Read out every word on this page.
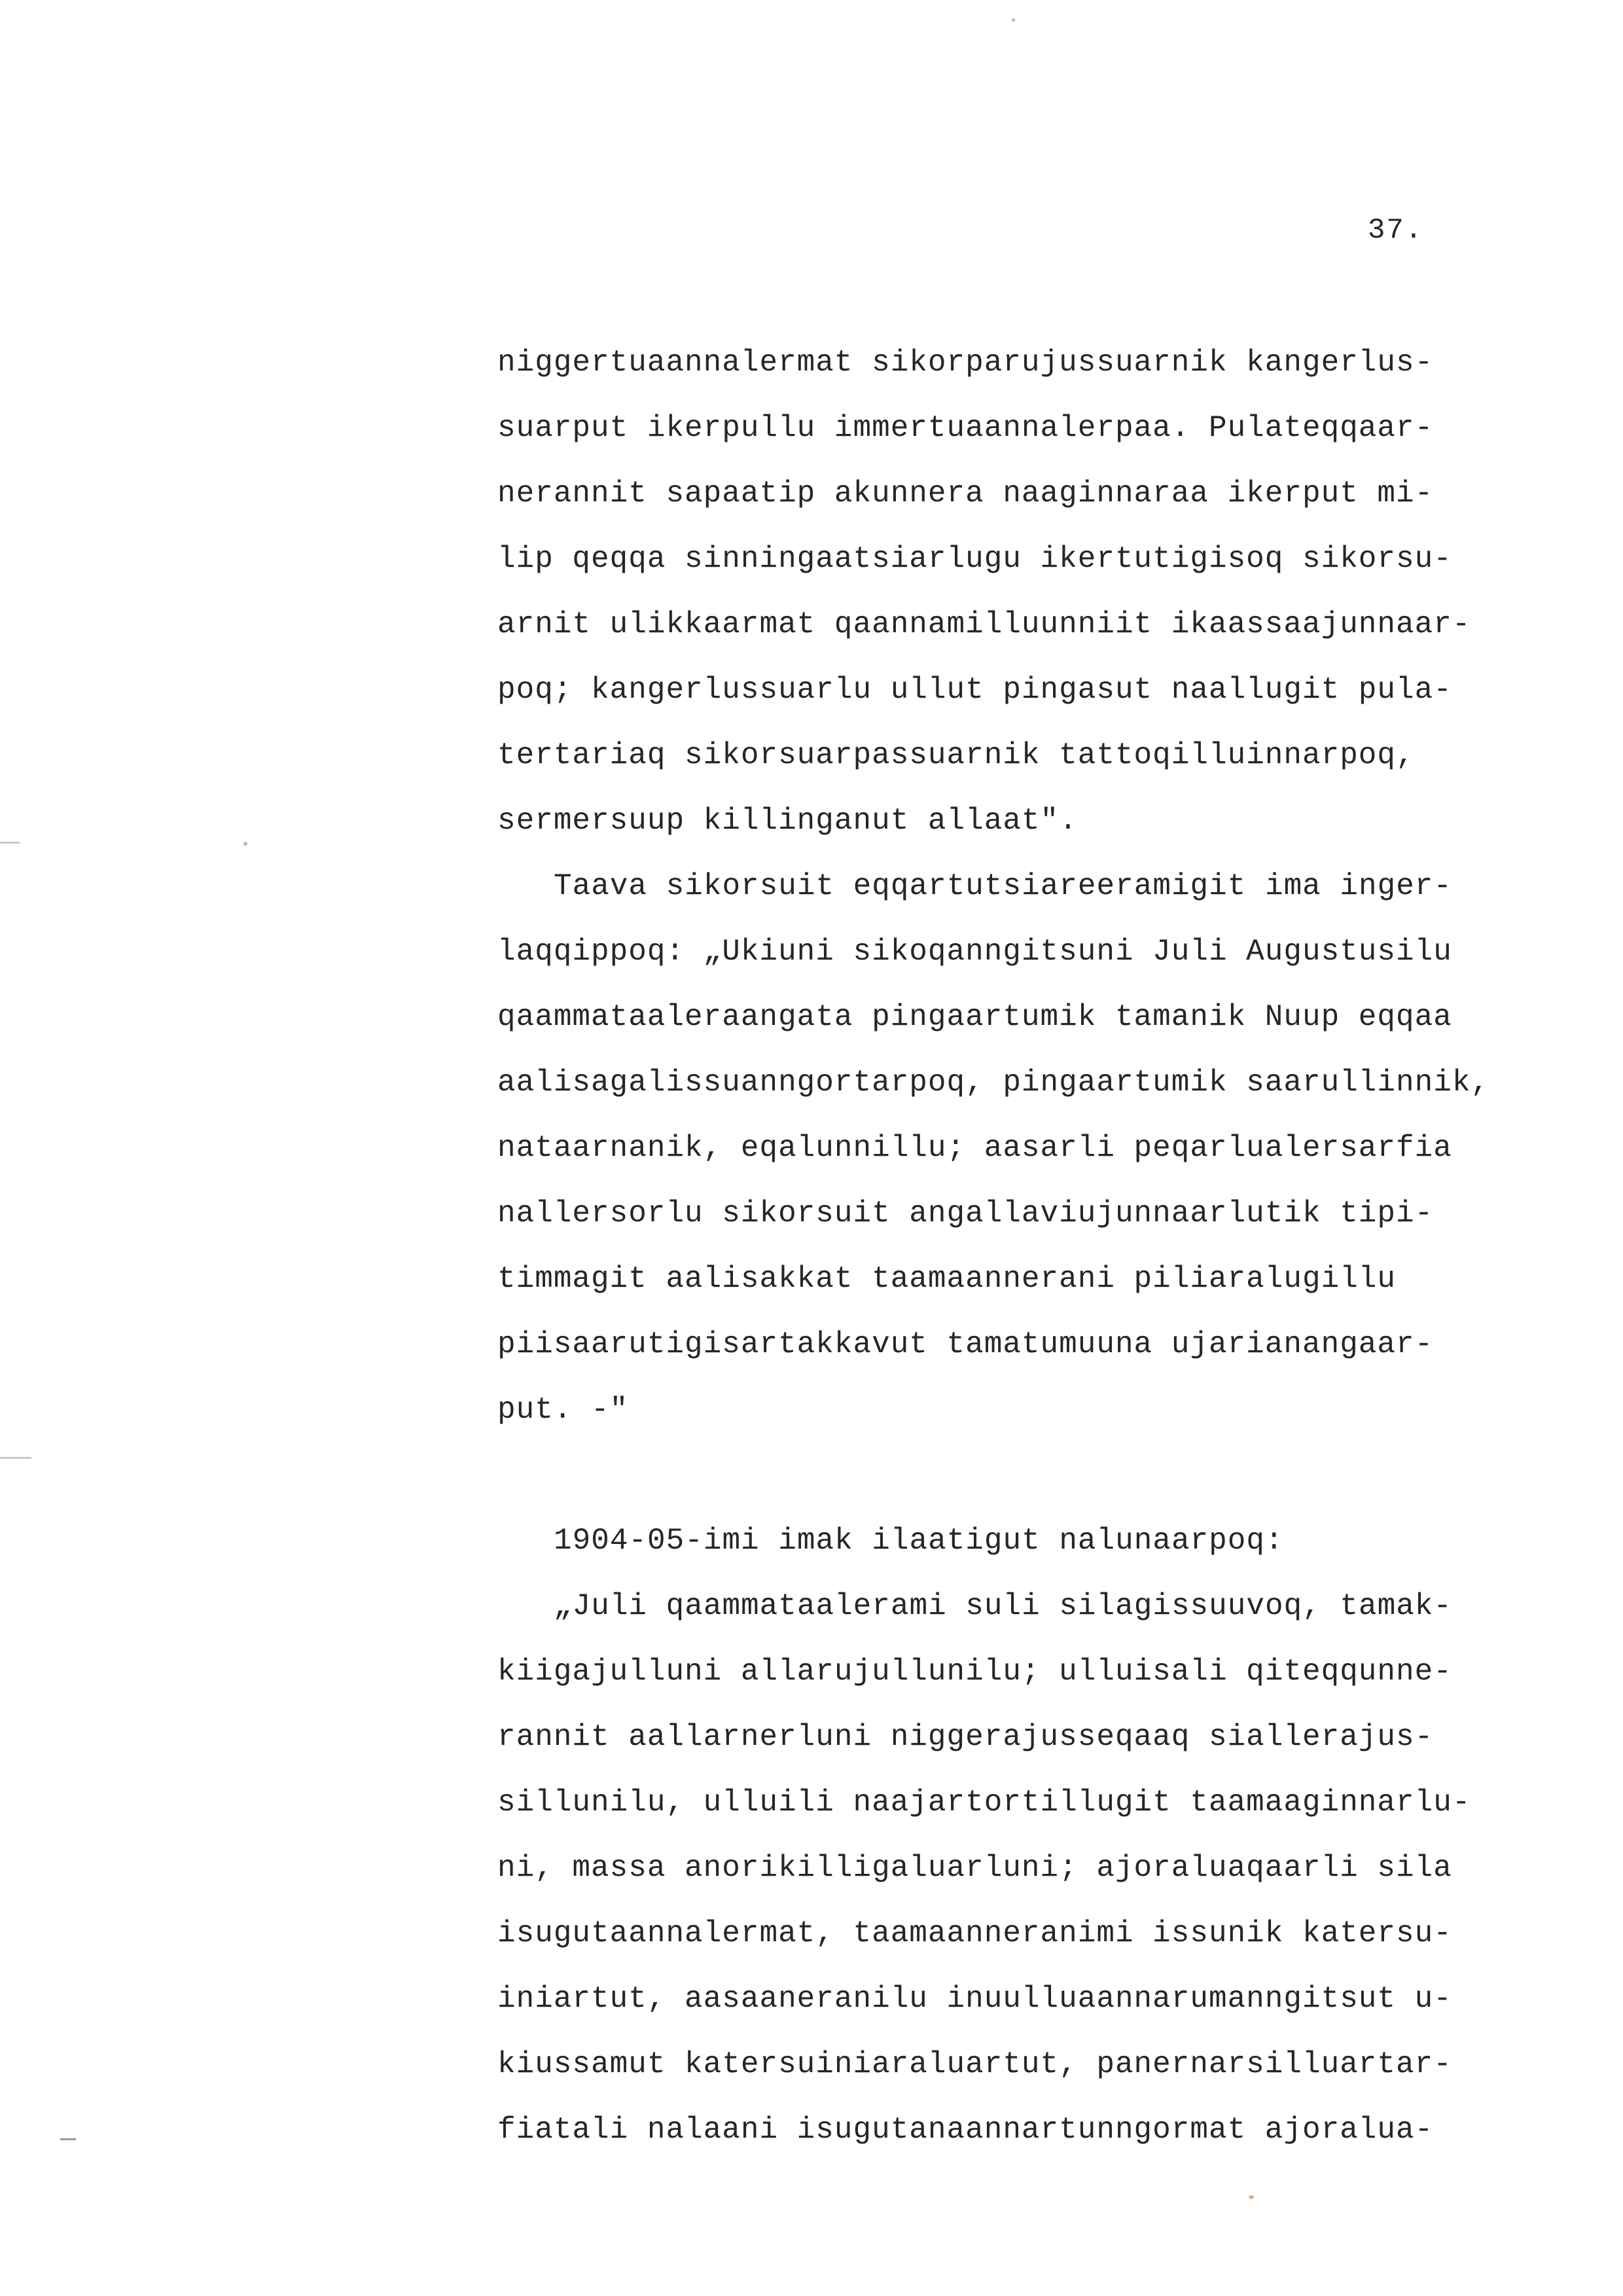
37.
niggertuaannalermat sikorparujussuarnik kangerlus-
suarput ikerpullu immertuaannalerpaa. Pulateqqaar-
nerannit sapaatip akunnera naaginnaraa ikerput mi-
lip qeqqa sinningaatsiarlugu ikertutigisoq sikorsu-
arnit ulikkaarmat qaannamilluunniit ikaassaajunnaar-
poq; kangerlussuarlu ullut pingasut naallugit pula-
tertariaq sikorsuarpassuarnik tattoqilluinnarpoq,
sermersuup killinganut allaat".
Taava sikorsuit eqqartutsiareeramigit ima inger-
laqqippoq: „Ukiuni sikoqanngitsuni Juli Augustusilu
qaammataaleraangata pingaartumik tamanik Nuup eqqaa
aalisagalissuanngortarpoq, pingaartumik saarullinnik,
nataarnanik, eqalunnillu; aasarli peqarlualersarfia
nallersorlu sikorsuit angallaviujunnaarlutik tipi-
timmagit aalisakkat taamaannerani piliaralugillu
piisaarutigisartakkavut tamatumuuna ujarianangaar-
put. -"
1904-05-imi imak ilaatigut nalunaarpoq:
„Juli qaammataalerami suli silagissuuvoq, tamak-
kiigajulluni allarujullunilu; ulluisali qiteqqunne-
rannit aallarnerluni niggerajusseqaaq siallerajus-
sillunilu, ulluili naajartortillugit taamaaginnarlu-
ni, massa anorikilligaluarluni; ajoraluaqaarli sila
isugutaannalermat, taamaanneranimi issunik katersu-
iniartut, aasaaneranilu inuulluaannarumanngitsut u-
kiussamut katersuiniaraluartut, panernarsilluartar-
fiatali nalaani isugutanaannartunngormat ajoralua-
